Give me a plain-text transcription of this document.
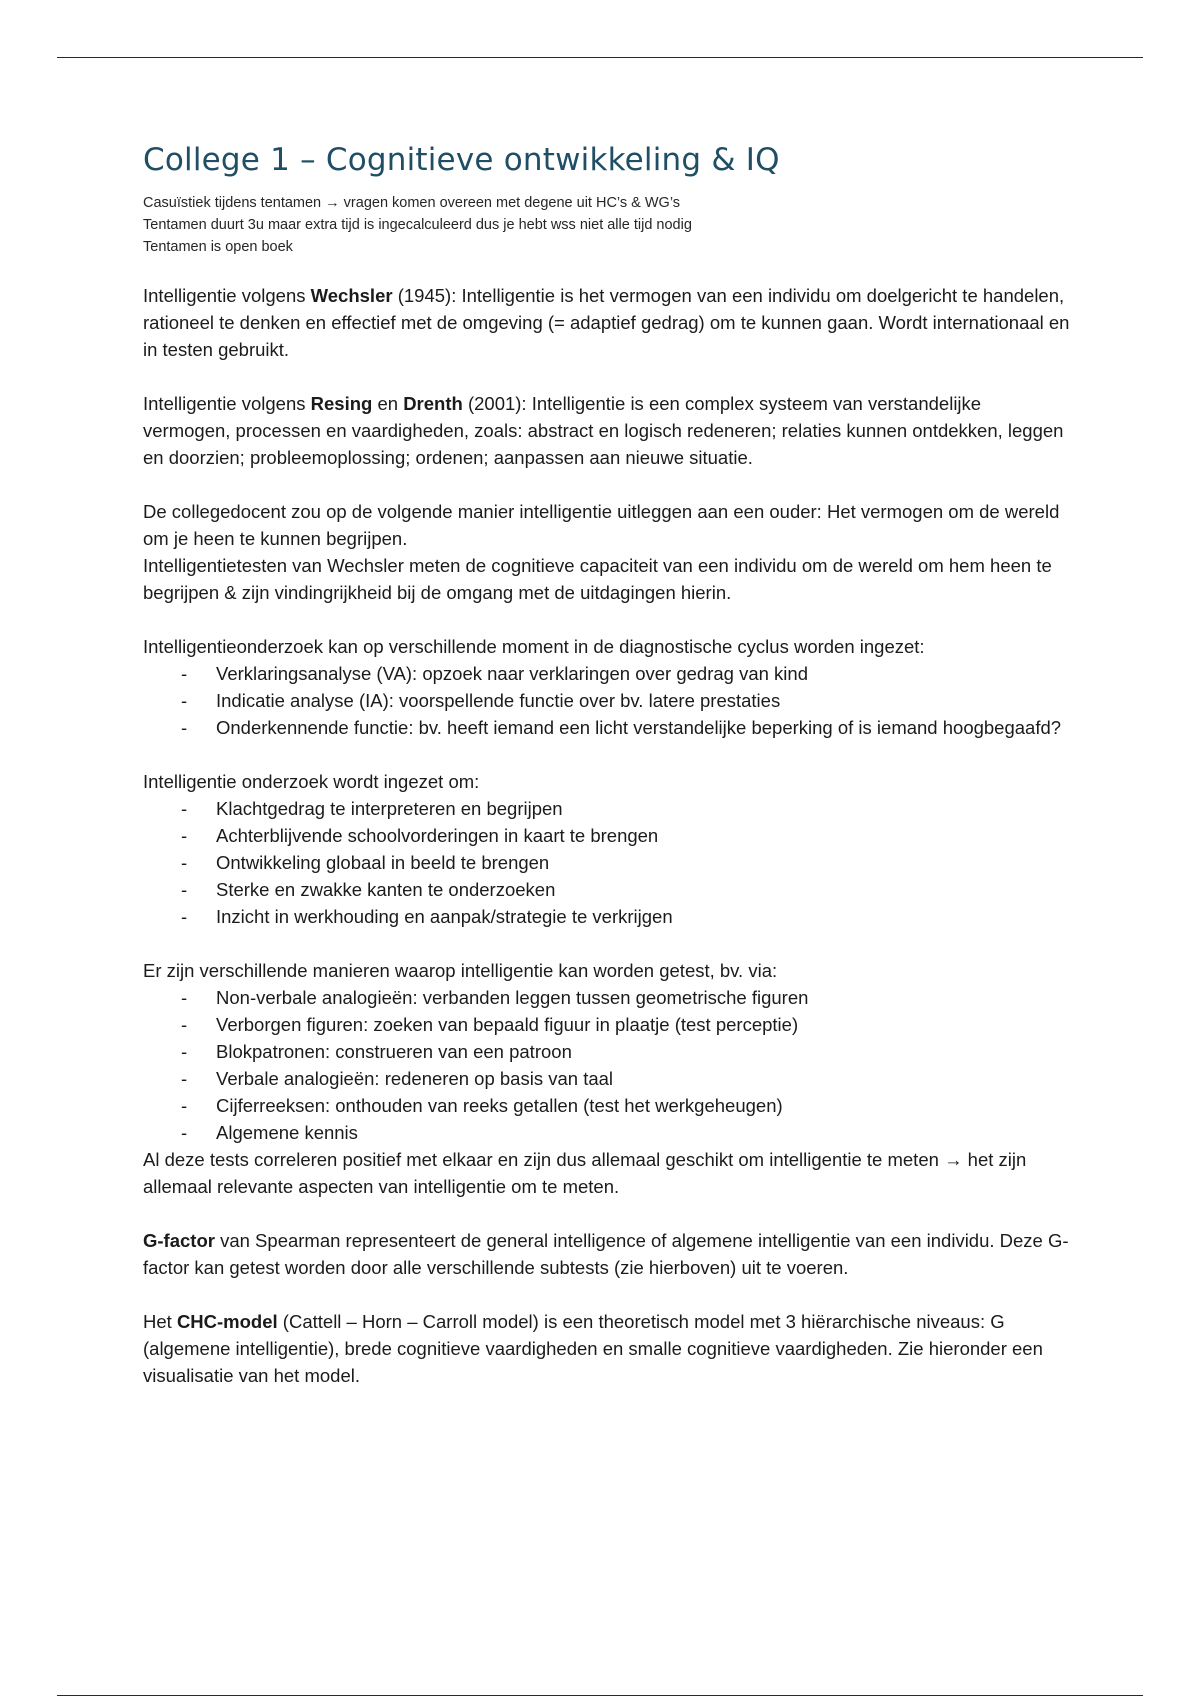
College 1 – Cognitieve ontwikkeling & IQ
Casuïstiek tijdens tentamen → vragen komen overeen met degene uit HC’s & WG’s
Tentamen duurt 3u maar extra tijd is ingecalculeerd dus je hebt wss niet alle tijd nodig
Tentamen is open boek

Intelligentie volgens Wechsler (1945): Intelligentie is het vermogen van een individu om doelgericht te handelen, rationeel te denken en effectief met de omgeving (= adaptief gedrag) om te kunnen gaan. Wordt internationaal en in testen gebruikt.

Intelligentie volgens Resing en Drenth (2001): Intelligentie is een complex systeem van verstandelijke vermogen, processen en vaardigheden, zoals: abstract en logisch redeneren; relaties kunnen ontdekken, leggen en doorzien; probleemoplossing; ordenen; aanpassen aan nieuwe situatie.

De collegedocent zou op de volgende manier intelligentie uitleggen aan een ouder: Het vermogen om de wereld om je heen te kunnen begrijpen.

Intelligentietesten van Wechsler meten de cognitieve capaciteit van een individu om de wereld om hem heen te begrijpen & zijn vindingrijkheid bij de omgang met de uitdagingen hierin.

Intelligentieonderzoek kan op verschillende moment in de diagnostische cyclus worden ingezet:

- Verklaringsanalyse (VA): opzoek naar verklaringen over gedrag van kind
- Indicatie analyse (IA): voorspellende functie over bv. latere prestaties
- Onderkennende functie: bv. heeft iemand een licht verstandelijke beperking of is iemand hoogbegaafd?

Intelligentie onderzoek wordt ingezet om:

- Klachtgedrag te interpreteren en begrijpen
- Achterblijvende schoolvorderingen in kaart te brengen
- Ontwikkeling globaal in beeld te brengen
- Sterke en zwakke kanten te onderzoeken
- Inzicht in werkhouding en aanpak/strategie te verkrijgen

Er zijn verschillende manieren waarop intelligentie kan worden getest, bv. via:

- Non-verbale analogieën: verbanden leggen tussen geometrische figuren
- Verborgen figuren: zoeken van bepaald figuur in plaatje (test perceptie)
- Blokpatronen: construeren van een patroon
- Verbale analogieën: redeneren op basis van taal
- Cijferreeksen: onthouden van reeks getallen (test het werkgeheugen)
- Algemene kennis

Al deze tests correleren positief met elkaar en zijn dus allemaal geschikt om intelligentie te meten → het zijn allemaal relevante aspecten van intelligentie om te meten.

G-factor van Spearman representeert de general intelligence of algemene intelligentie van een individu. Deze G-factor kan getest worden door alle verschillende subtests (zie hierboven) uit te voeren.

Het CHC-model (Cattell – Horn – Carroll model) is een theoretisch model met 3 hiërarchische niveaus: G (algemene intelligentie), brede cognitieve vaardigheden en smalle cognitieve vaardigheden. Zie hieronder een visualisatie van het model.
